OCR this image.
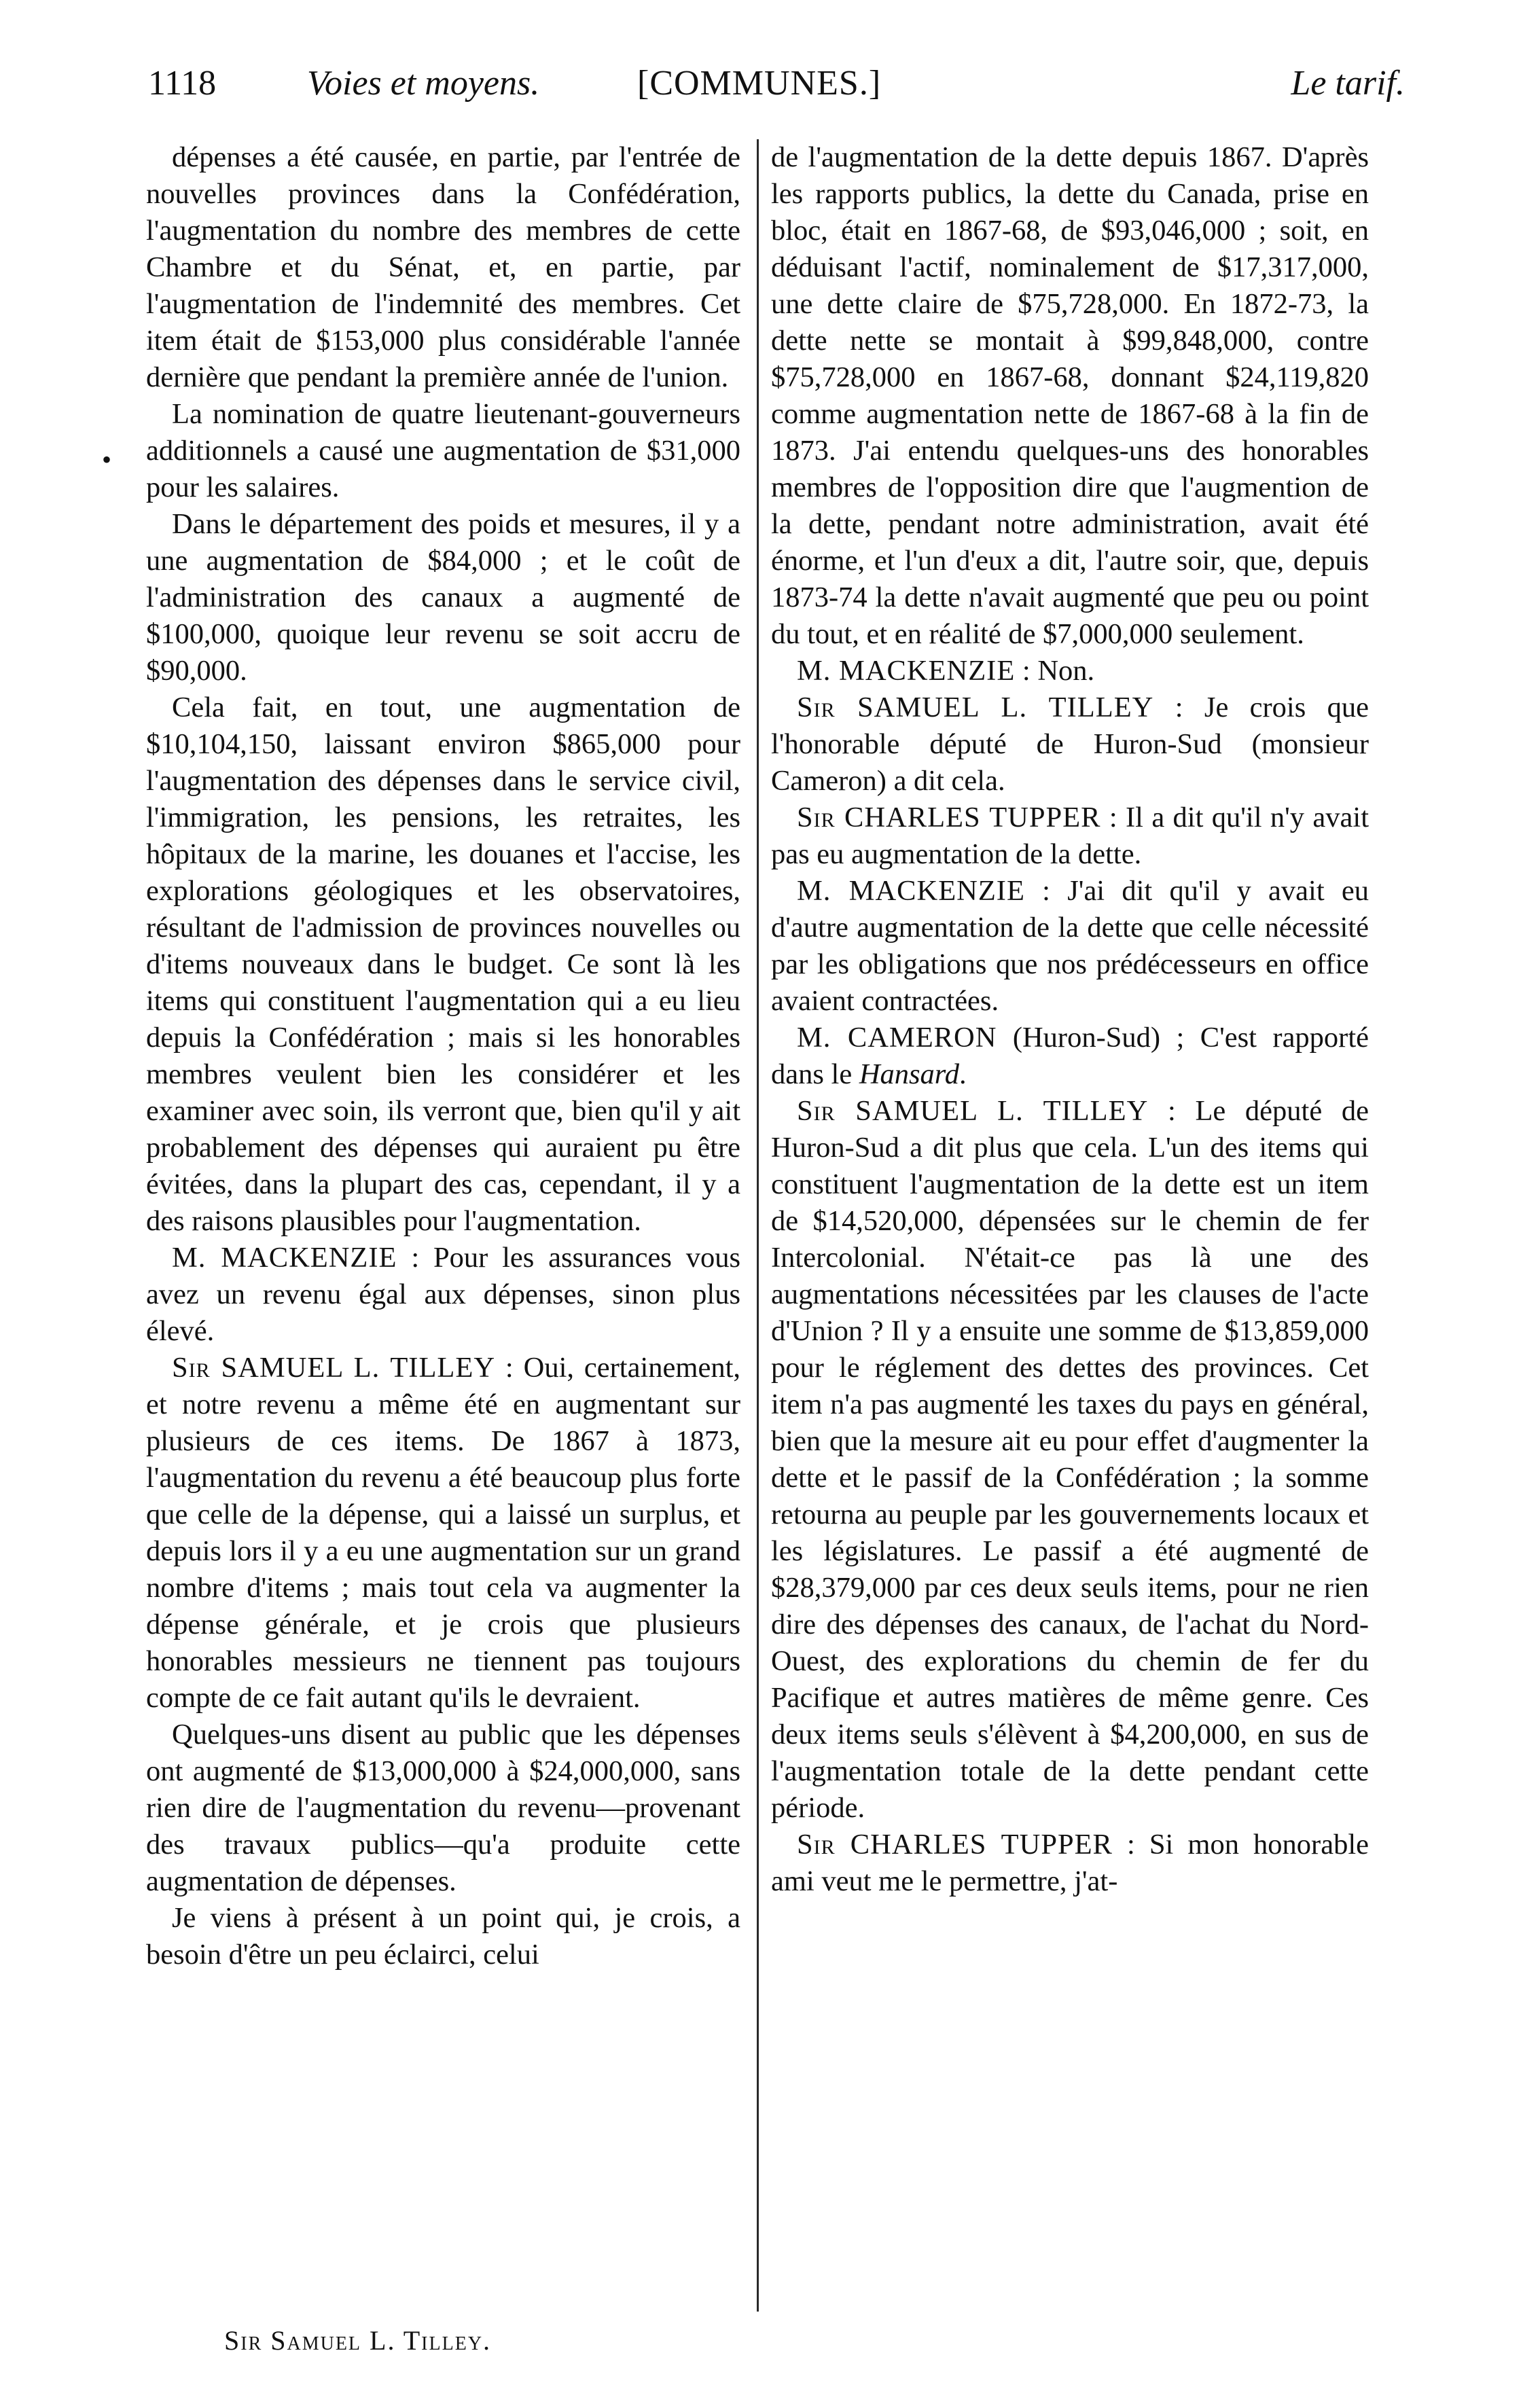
1118	Voies et moyens.	[COMMUNES.]	Le tarif.
•

dépenses a été causée, en partie, par l'entrée de nouvelles provinces dans la Confédération, l'augmentation du nombre des membres de cette Chambre et du Sénat, et, en partie, par l'augmentation de l'indemnité des membres. Cet item était de $153,000 plus considérable l'année dernière que pendant la première année de l'union.

La nomination de quatre lieutenant-gouverneurs additionnels a causé une augmentation de $31,000 pour les salaires.

Dans le département des poids et mesures, il y a une augmentation de $84,000 ; et le coût de l'administration des canaux a augmenté de $100,000, quoique leur revenu se soit accru de $90,000.

Cela fait, en tout, une augmentation de $10,104,150, laissant environ $865,000 pour l'augmentation des dépenses dans le service civil, l'immigration, les pensions, les retraites, les hôpitaux de la marine, les douanes et l'accise, les explorations géologiques et les observatoires, résultant de l'admission de provinces nouvelles ou d'items nouveaux dans le budget. Ce sont là les items qui constituent l'augmentation qui a eu lieu depuis la Confédération ; mais si les honorables membres veulent bien les considérer et les examiner avec soin, ils verront que, bien qu'il y ait probablement des dépenses qui auraient pu être évitées, dans la plupart des cas, cependant, il y a des raisons plausibles pour l'augmentation.

M. MACKENZIE : Pour les assurances vous avez un revenu égal aux dépenses, sinon plus élevé.

Sir SAMUEL L. TILLEY : Oui, certainement, et notre revenu a même été en augmentant sur plusieurs de ces items. De 1867 à 1873, l'augmentation du revenu a été beaucoup plus forte que celle de la dépense, qui a laissé un surplus, et depuis lors il y a eu une augmentation sur un grand nombre d'items ; mais tout cela va augmenter la dépense générale, et je crois que plusieurs honorables messieurs ne tiennent pas toujours compte de ce fait autant qu'ils le devraient.

Quelques-uns disent au public que les dépenses ont augmenté de $13,000,000 à $24,000,000, sans rien dire de l'augmentation du revenu—provenant des travaux publics—qu'a produite cette augmentation de dépenses.

Je viens à présent à un point qui, je crois, a besoin d'être un peu éclairci, celui

de l'augmentation de la dette depuis 1867. D'après les rapports publics, la dette du Canada, prise en bloc, était en 1867-68, de $93,046,000 ; soit, en déduisant l'actif, nominalement de $17,317,000, une dette claire de $75,728,000. En 1872-73, la dette nette se montait à $99,848,000, contre $75,728,000 en 1867-68, donnant $24,119,820 comme augmentation nette de 1867-68 à la fin de 1873. J'ai entendu quelques-uns des honorables membres de l'opposition dire que l'augmention de la dette, pendant notre administration, avait été énorme, et l'un d'eux a dit, l'autre soir, que, depuis 1873-74 la dette n'avait augmenté que peu ou point du tout, et en réalité de $7,000,000 seulement.

M. MACKENZIE : Non.

Sir SAMUEL L. TILLEY : Je crois que l'honorable député de Huron-Sud (monsieur Cameron) a dit cela.

Sir CHARLES TUPPER : Il a dit qu'il n'y avait pas eu augmentation de la dette.

M. MACKENZIE : J'ai dit qu'il y avait eu d'autre augmentation de la dette que celle nécessité par les obligations que nos prédécesseurs en office avaient contractées.

M. CAMERON (Huron-Sud) ; C'est rapporté dans le Hansard.

Sir SAMUEL L. TILLEY : Le député de Huron-Sud a dit plus que cela. L'un des items qui constituent l'augmentation de la dette est un item de $14,520,000, dépensées sur le chemin de fer Intercolonial. N'était-ce pas là une des augmentations nécessitées par les clauses de l'acte d'Union ? Il y a ensuite une somme de $13,859,000 pour le réglement des dettes des provinces. Cet item n'a pas augmenté les taxes du pays en général, bien que la mesure ait eu pour effet d'augmenter la dette et le passif de la Confédération ; la somme retourna au peuple par les gouvernements locaux et les législatures. Le passif a été augmenté de $28,379,000 par ces deux seuls items, pour ne rien dire des dépenses des canaux, de l'achat du Nord-Ouest, des explorations du chemin de fer du Pacifique et autres matières de même genre. Ces deux items seuls s'élèvent à $4,200,000, en sus de l'augmentation totale de la dette pendant cette période.

Sir CHARLES TUPPER : Si mon honorable ami veut me le permettre, j'at-

Sir Samuel L. Tilley.
